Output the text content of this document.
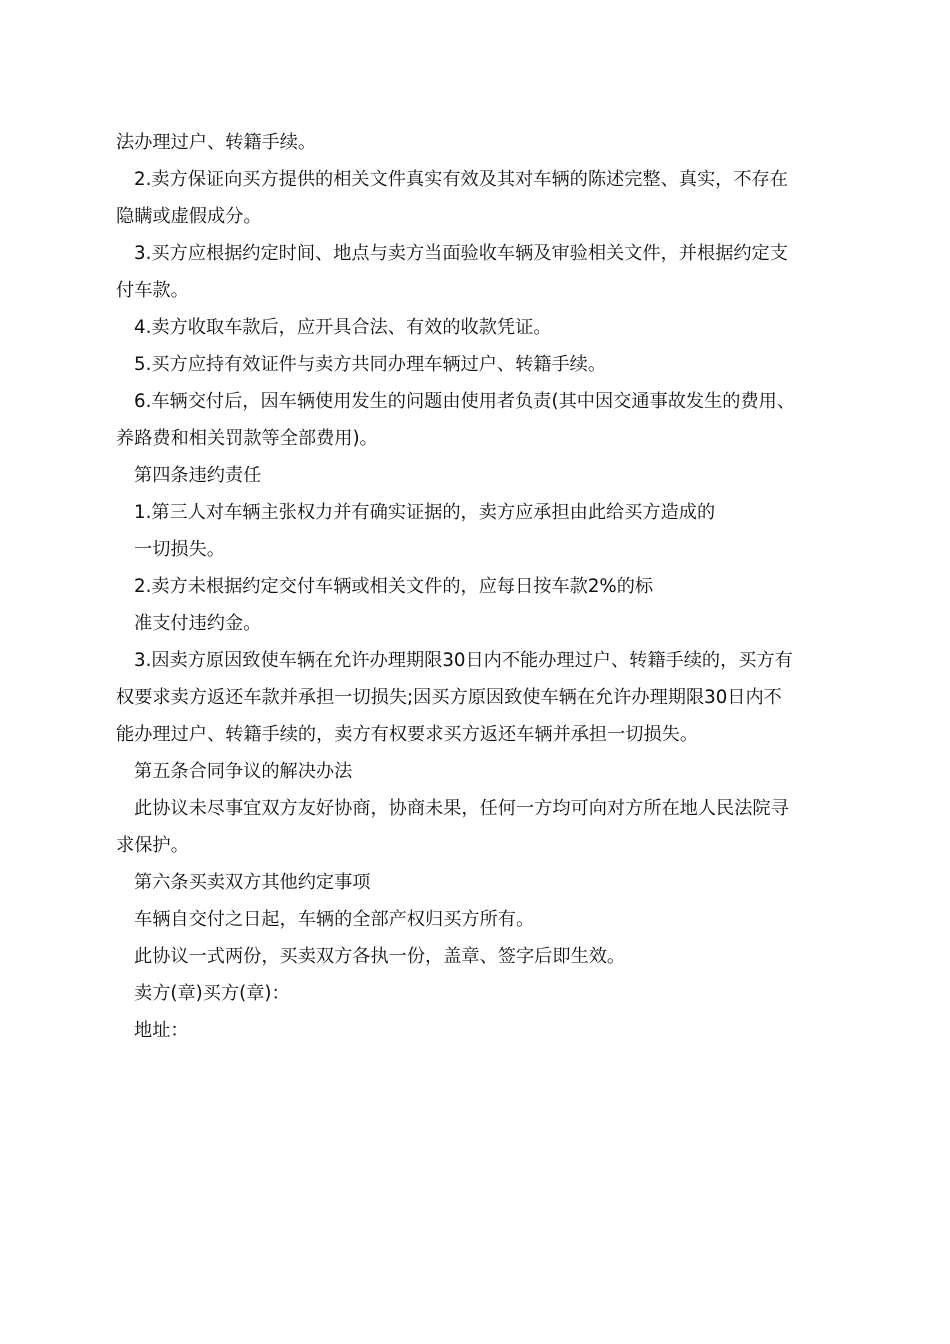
法办理过户、转籍手续。
2.卖方保证向买方提供的相关文件真实有效及其对车辆的陈述完整、真实，不存在
隐瞒或虚假成分。
3.买方应根据约定时间、地点与卖方当面验收车辆及审验相关文件，并根据约定支
付车款。
4.卖方收取车款后，应开具合法、有效的收款凭证。
5.买方应持有效证件与卖方共同办理车辆过户、转籍手续。
6.车辆交付后，因车辆使用发生的问题由使用者负责(其中因交通事故发生的费用、
养路费和相关罚款等全部费用)。
第四条违约责任
1.第三人对车辆主张权力并有确实证据的，卖方应承担由此给买方造成的
一切损失。
2.卖方未根据约定交付车辆或相关文件的，应每日按车款2%的标
准支付违约金。
3.因卖方原因致使车辆在允许办理期限30日内不能办理过户、转籍手续的，买方有
权要求卖方返还车款并承担一切损失;因买方原因致使车辆在允许办理期限30日内不
能办理过户、转籍手续的，卖方有权要求买方返还车辆并承担一切损失。
第五条合同争议的解决办法
此协议未尽事宜双方友好协商，协商未果，任何一方均可向对方所在地人民法院寻
求保护。
第六条买卖双方其他约定事项
车辆自交付之日起，车辆的全部产权归买方所有。
此协议一式两份，买卖双方各执一份，盖章、签字后即生效。
卖方(章)买方(章)：
地址：
